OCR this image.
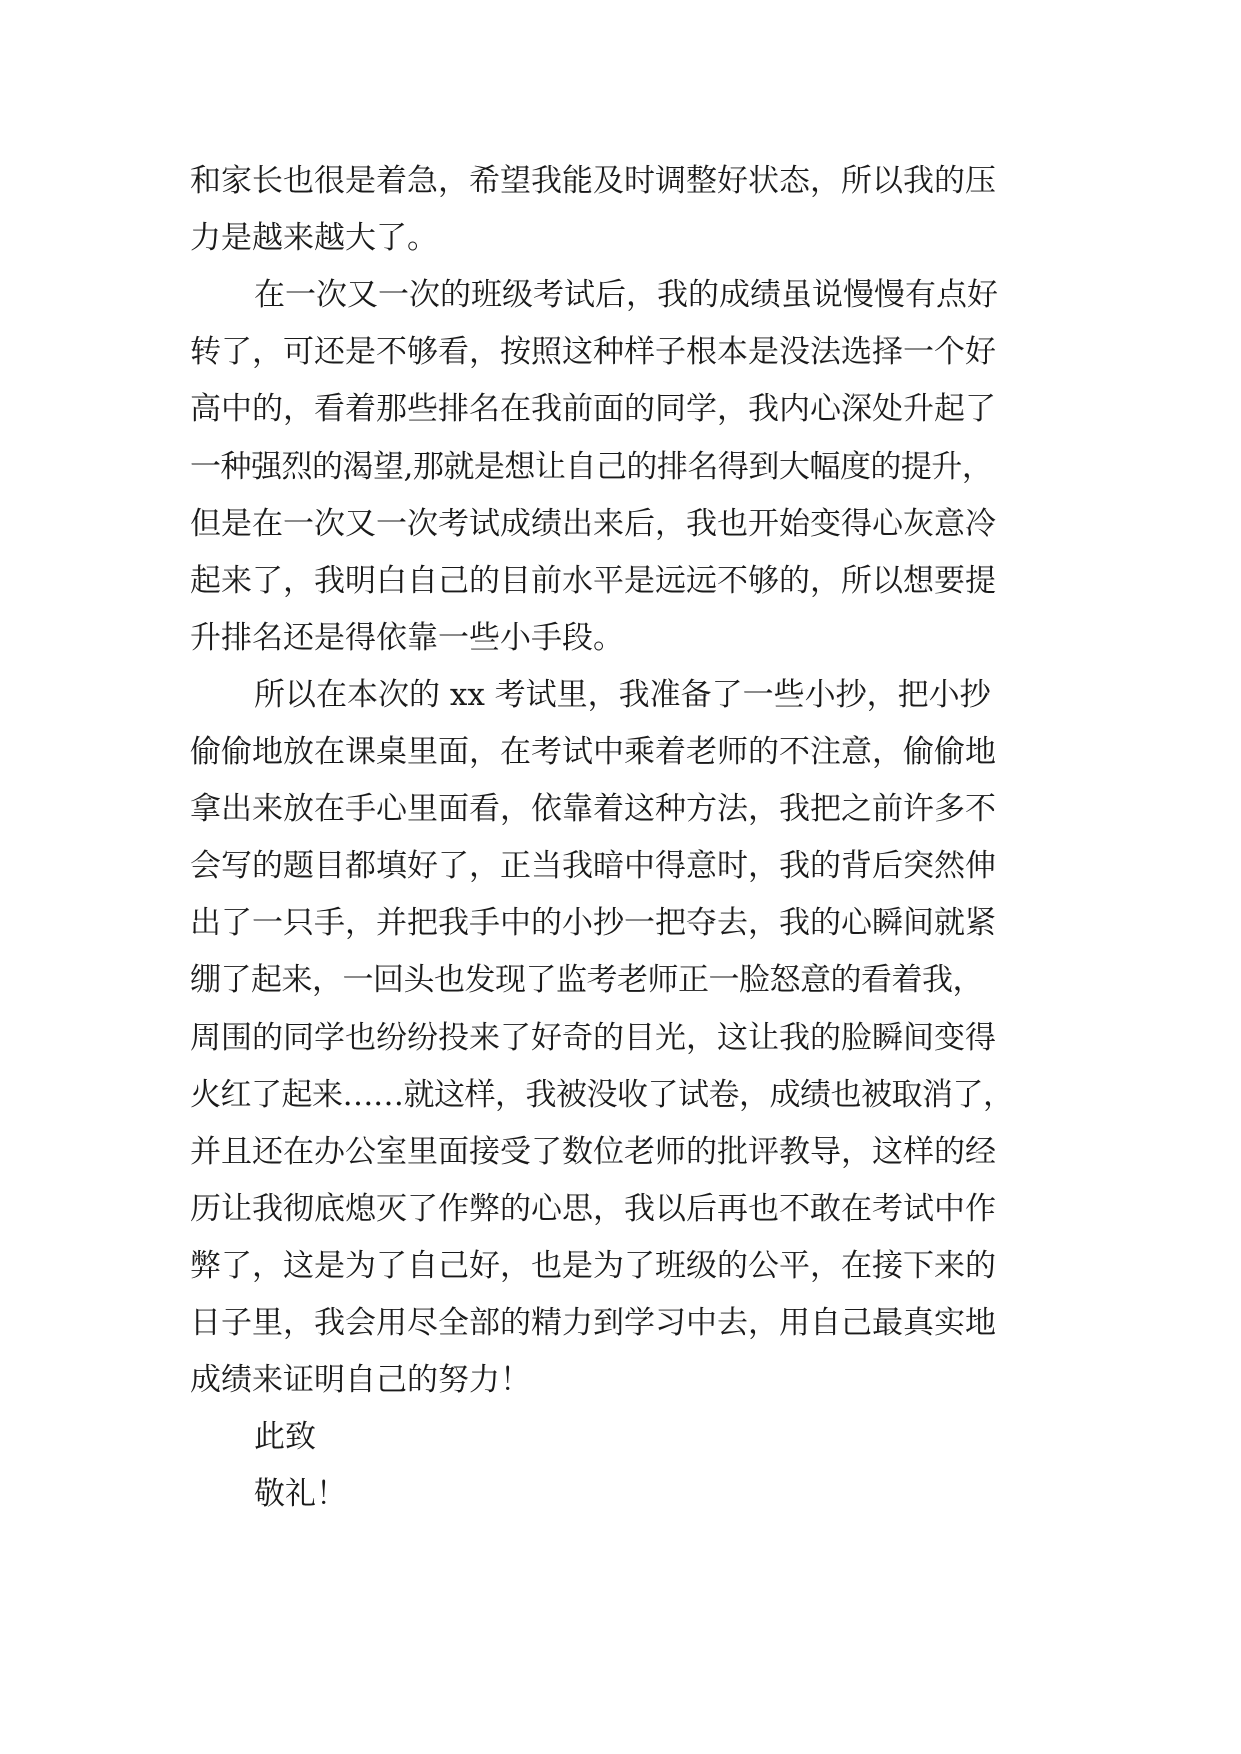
和家长也很是着急，希望我能及时调整好状态，所以我的压
力是越来越大了。
在一次又一次的班级考试后，我的成绩虽说慢慢有点好
转了，可还是不够看，按照这种样子根本是没法选择一个好
高中的，看着那些排名在我前面的同学，我内心深处升起了
一种强烈的渴望,那就是想让自己的排名得到大幅度的提升，
但是在一次又一次考试成绩出来后，我也开始变得心灰意冷
起来了，我明白自己的目前水平是远远不够的，所以想要提
升排名还是得依靠一些小手段。
所以在本次的 xx 考试里，我准备了一些小抄，把小抄
偷偷地放在课桌里面，在考试中乘着老师的不注意，偷偷地
拿出来放在手心里面看，依靠着这种方法，我把之前许多不
会写的题目都填好了，正当我暗中得意时，我的背后突然伸
出了一只手，并把我手中的小抄一把夺去，我的心瞬间就紧
绷了起来，一回头也发现了监考老师正一脸怒意的看着我，
周围的同学也纷纷投来了好奇的目光，这让我的脸瞬间变得
火红了起来……就这样，我被没收了试卷，成绩也被取消了，
并且还在办公室里面接受了数位老师的批评教导，这样的经
历让我彻底熄灭了作弊的心思，我以后再也不敢在考试中作
弊了，这是为了自己好，也是为了班级的公平，在接下来的
日子里，我会用尽全部的精力到学习中去，用自己最真实地
成绩来证明自己的努力！
此致
敬礼！
